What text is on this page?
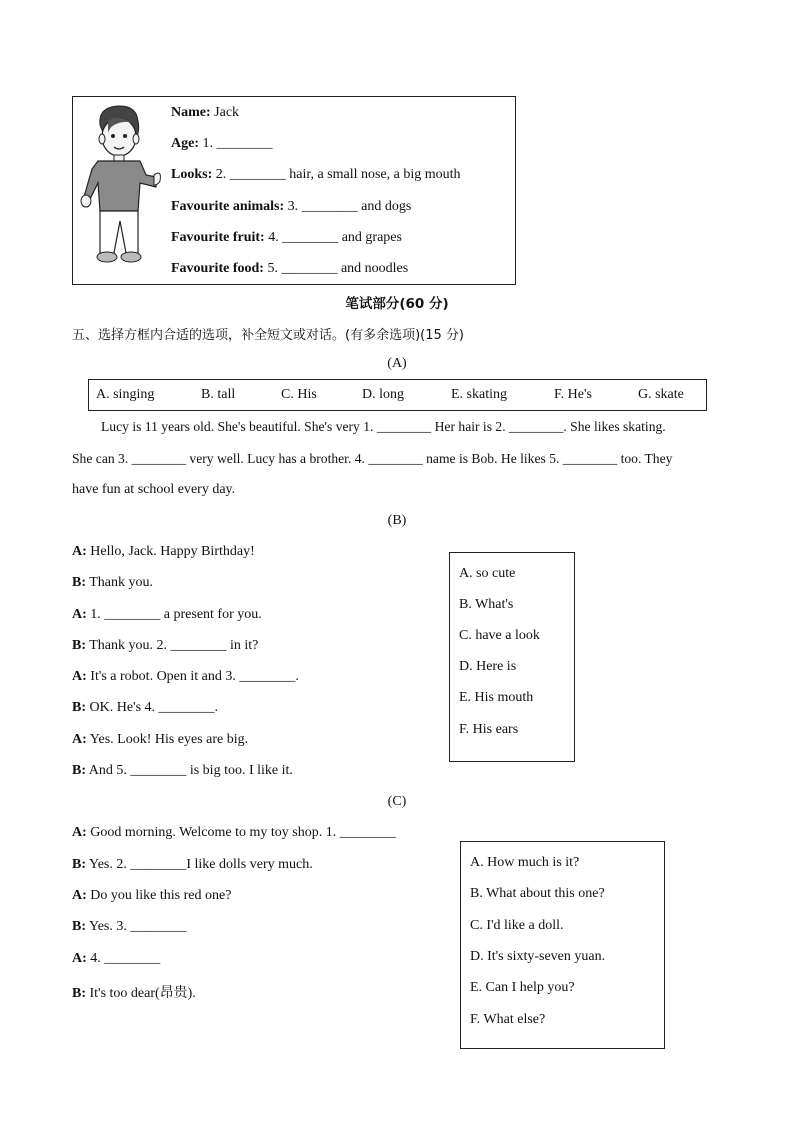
Name: Jack
Age: 1. ________
Looks: 2. ________ hair, a small nose, a big mouth
Favourite animals: 3. ________ and dogs
Favourite fruit: 4. ________ and grapes
Favourite food: 5. ________ and noodles
笔试部分(60 分)
五、选择方框内合适的选项，补全短文或对话。(有多余选项)(15 分)
(A)
A. singing	B. tall	C. His	D. long	E. skating	F. He's	G. skate
Lucy is 11 years old. She's beautiful. She's very 1. ________ Her hair is 2. ________. She likes skating.
She can 3. ________ very well. Lucy has a brother. 4. ________ name is Bob. He likes 5. ________ too. They
have fun at school every day.
(B)
A: Hello, Jack. Happy Birthday!
B: Thank you.
A: 1. ________ a present for you.
B: Thank you. 2. ________ in it?
A: It's a robot. Open it and 3. ________.
B: OK. He's 4. ________.
A: Yes. Look! His eyes are big.
B: And 5. ________ is big too. I like it.
A. so cute
B. What's
C. have a look
D. Here is
E. His mouth
F. His ears
(C)
A: Good morning. Welcome to my toy shop. 1. ________
B: Yes. 2. ________I like dolls very much.
A: Do you like this red one?
B: Yes. 3. ________
A: 4. ________
B: It's too dear(昂贵).
A. How much is it?
B. What about this one?
C. I'd like a doll.
D. It's sixty-seven yuan.
E. Can I help you?
F. What else?
